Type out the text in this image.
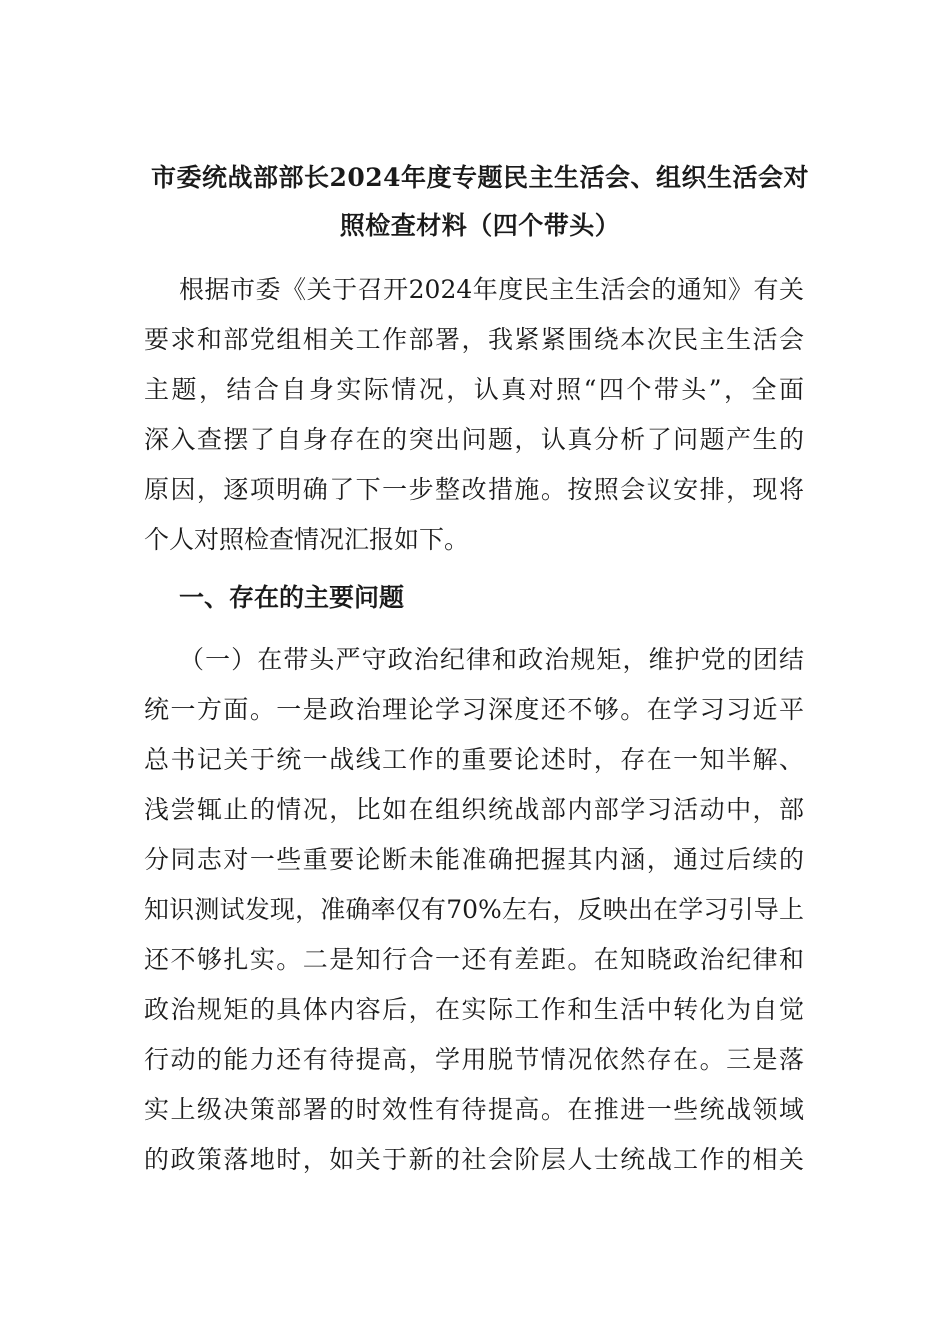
市委统战部部长2024年度专题民主生活会、组织生活会对
照检查材料（四个带头）
根据市委《关于召开2024年度民主生活会的通知》有关
要求和部党组相关工作部署，我紧紧围绕本次民主生活会
主题，结合自身实际情况，认真对照“四个带头”，全面
深入查摆了自身存在的突出问题，认真分析了问题产生的
原因，逐项明确了下一步整改措施。按照会议安排，现将
个人对照检查情况汇报如下。
一、存在的主要问题
（一）在带头严守政治纪律和政治规矩，维护党的团结
统一方面。一是政治理论学习深度还不够。在学习习近平
总书记关于统一战线工作的重要论述时，存在一知半解、
浅尝辄止的情况，比如在组织统战部内部学习活动中，部
分同志对一些重要论断未能准确把握其内涵，通过后续的
知识测试发现，准确率仅有70%左右，反映出在学习引导上
还不够扎实。二是知行合一还有差距。在知晓政治纪律和
政治规矩的具体内容后，在实际工作和生活中转化为自觉
行动的能力还有待提高，学用脱节情况依然存在。三是落
实上级决策部署的时效性有待提高。在推进一些统战领域
的政策落地时，如关于新的社会阶层人士统战工作的相关
